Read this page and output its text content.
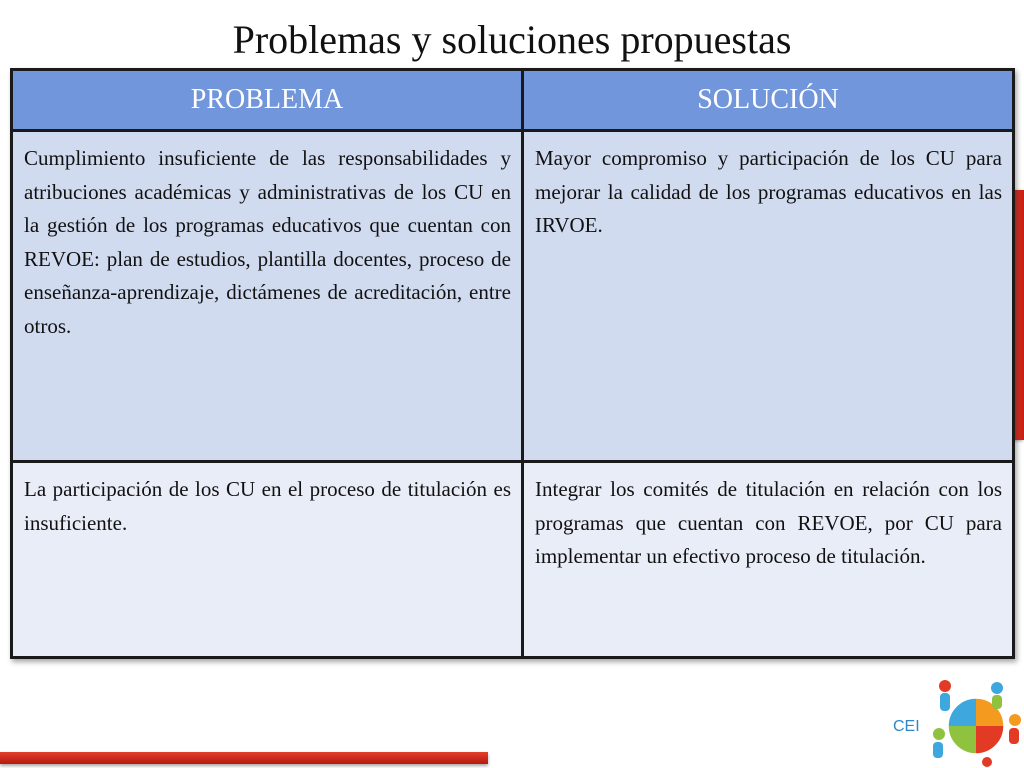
Problemas y soluciones propuestas
PROBLEMA	SOLUCIÓN
Cumplimiento insuficiente de las responsabilidades y atribuciones académicas y administrativas de los CU en la gestión de los programas educativos que cuentan con REVOE: plan de estudios, plantilla docentes, proceso de enseñanza-aprendizaje, dictámenes de acreditación, entre otros.	Mayor compromiso y participación de los CU para mejorar la calidad de los programas educativos en las IRVOE.
La participación de los CU en el proceso de titulación es insuficiente.	Integrar los comités de titulación en relación con los programas que cuentan con REVOE, por CU para implementar un efectivo proceso de titulación.
CEI
